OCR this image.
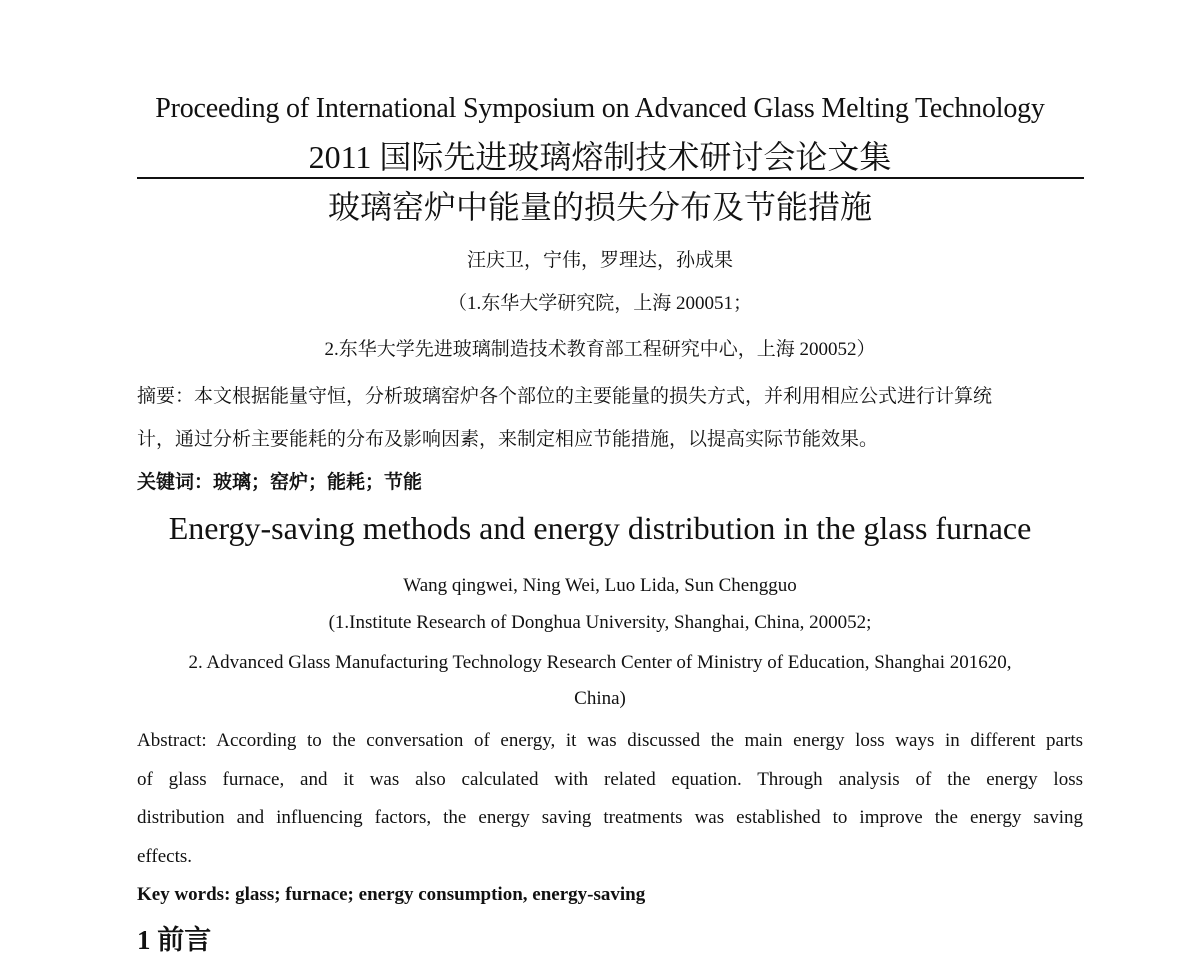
Proceeding of International Symposium on Advanced Glass Melting Technology
2011 国际先进玻璃熔制技术研讨会论文集
玻璃窑炉中能量的损失分布及节能措施
汪庆卫，宁伟，罗理达，孙成果
（1.东华大学研究院，上海 200051；
2.东华大学先进玻璃制造技术教育部工程研究中心，上海 200052）
摘要：本文根据能量守恒，分析玻璃窑炉各个部位的主要能量的损失方式，并利用相应公式进行计算统
计，通过分析主要能耗的分布及影响因素，来制定相应节能措施，以提高实际节能效果。
关键词：玻璃；窑炉；能耗；节能
Energy-saving methods and energy distribution in the glass furnace
Wang qingwei, Ning Wei, Luo Lida, Sun Chengguo
(1.Institute Research of Donghua University, Shanghai, China, 200052;
2. Advanced Glass Manufacturing Technology Research Center of Ministry of Education, Shanghai 201620,
China)
Abstract: According to the conversation of energy, it was discussed the main energy loss ways in different parts
of glass furnace, and it was also calculated with related equation. Through analysis of the energy loss
distribution and influencing factors, the energy saving treatments was established to improve the energy saving
effects.
Key words: glass; furnace; energy consumption, energy-saving
1 前言
